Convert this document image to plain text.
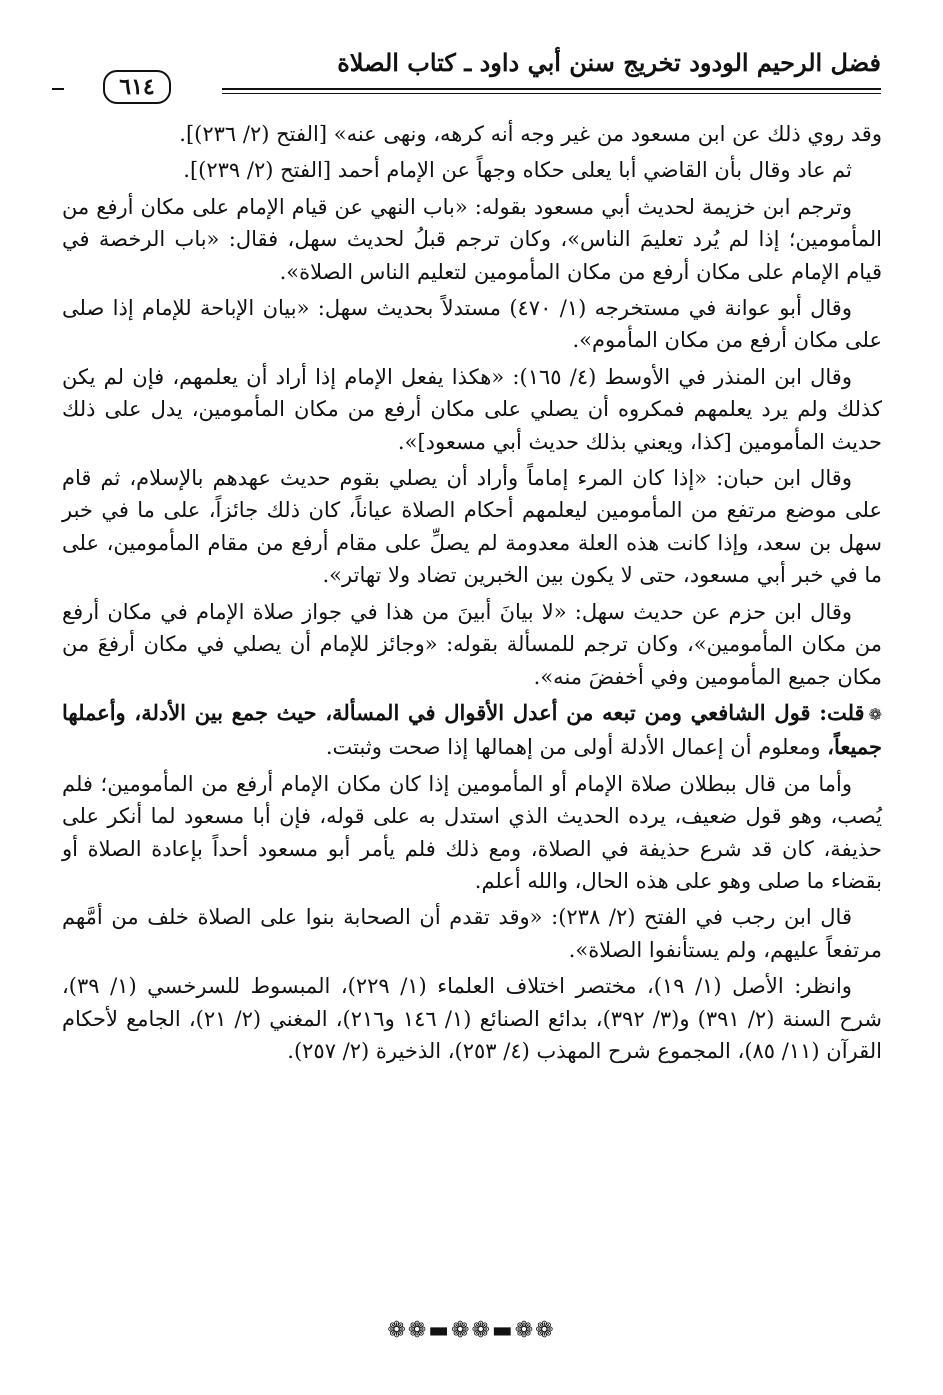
فضل الرحيم الودود تخريج سنن أبي داود ـ كتاب الصلاة
٦١٤

وقد روي ذلك عن ابن مسعود من غير وجه أنه كرهه، ونهى عنه» [الفتح (٢/ ٢٣٦)].

ثم عاد وقال بأن القاضي أبا يعلى حكاه وجهاً عن الإمام أحمد [الفتح (٢/ ٢٣٩)].

وترجم ابن خزيمة لحديث أبي مسعود بقوله: «باب النهي عن قيام الإمام على مكان أرفع من المأمومين؛ إذا لم يُرد تعليمَ الناس»، وكان ترجم قبلُ لحديث سهل، فقال: «باب الرخصة في قيام الإمام على مكان أرفع من مكان المأمومين لتعليم الناس الصلاة».

وقال أبو عوانة في مستخرجه (١/ ٤٧٠) مستدلاً بحديث سهل: «بيان الإباحة للإمام إذا صلى على مكان أرفع من مكان المأموم».

وقال ابن المنذر في الأوسط (٤/ ١٦٥): «هكذا يفعل الإمام إذا أراد أن يعلمهم، فإن لم يكن كذلك ولم يرد يعلمهم فمكروه أن يصلي على مكان أرفع من مكان المأمومين، يدل على ذلك حديث المأمومين [كذا، ويعني بذلك حديث أبي مسعود]».

وقال ابن حبان: «إذا كان المرء إماماً وأراد أن يصلي بقوم حديث عهدهم بالإسلام، ثم قام على موضع مرتفع من المأمومين ليعلمهم أحكام الصلاة عياناً، كان ذلك جائزاً، على ما في خبر سهل بن سعد، وإذا كانت هذه العلة معدومة لم يصلِّ على مقام أرفع من مقام المأمومين، على ما في خبر أبي مسعود، حتى لا يكون بين الخبرين تضاد ولا تهاتر».

وقال ابن حزم عن حديث سهل: «لا بيانَ أبينَ من هذا في جواز صلاة الإمام في مكان أرفع من مكان المأمومين»، وكان ترجم للمسألة بقوله: «وجائز للإمام أن يصلي في مكان أرفعَ من مكان جميع المأمومين وفي أخفضَ منه».

❁قلت: قول الشافعي ومن تبعه من أعدل الأقوال في المسألة، حيث جمع بين الأدلة، وأعملها جميعاً، ومعلوم أن إعمال الأدلة أولى من إهمالها إذا صحت وثبتت.

وأما من قال ببطلان صلاة الإمام أو المأمومين إذا كان مكان الإمام أرفع من المأمومين؛ فلم يُصب، وهو قول ضعيف، يرده الحديث الذي استدل به على قوله، فإن أبا مسعود لما أنكر على حذيفة، كان قد شرع حذيفة في الصلاة، ومع ذلك فلم يأمر أبو مسعود أحداً بإعادة الصلاة أو بقضاء ما صلى وهو على هذه الحال، والله أعلم.

قال ابن رجب في الفتح (٢/ ٢٣٨): «وقد تقدم أن الصحابة بنوا على الصلاة خلف من أمَّهم مرتفعاً عليهم، ولم يستأنفوا الصلاة».

وانظر: الأصل (١/ ١٩)، مختصر اختلاف العلماء (١/ ٢٢٩)، المبسوط للسرخسي (١/ ٣٩)، شرح السنة (٢/ ٣٩١) و(٣/ ٣٩٢)، بدائع الصنائع (١/ ١٤٦ و٢١٦)، المغني (٢/ ٢١)، الجامع لأحكام القرآن (١١/ ٨٥)، المجموع شرح المهذب (٤/ ٢٥٣)، الذخيرة (٢/ ٢٥٧).

❁❁▬❁❁▬❁❁
